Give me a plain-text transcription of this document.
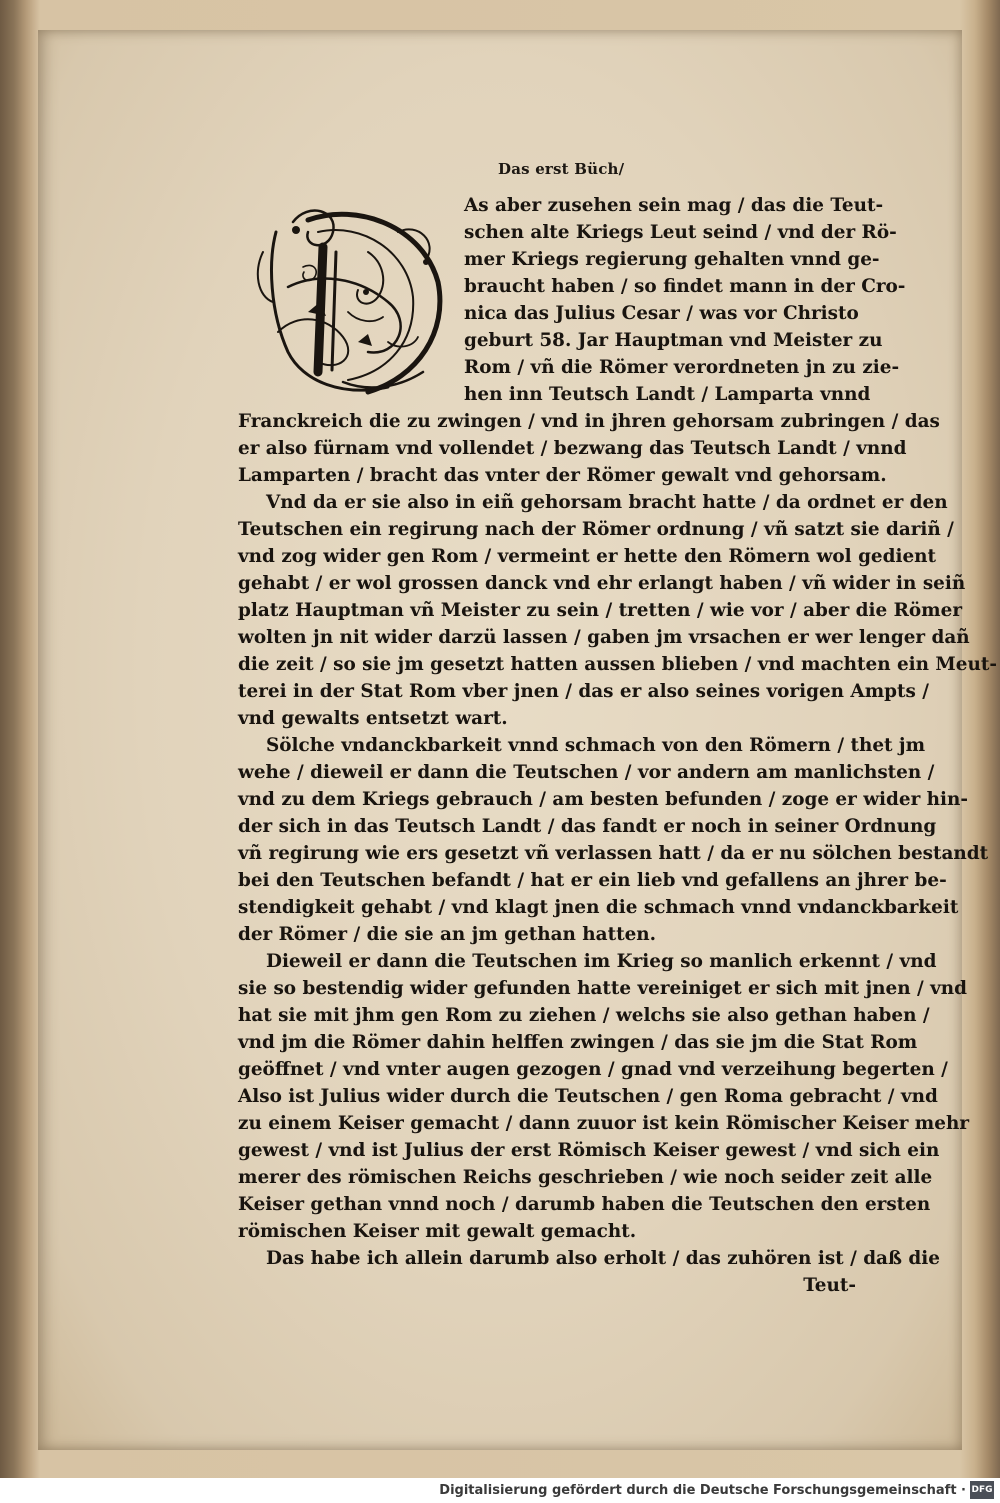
Das erst Büch/
As aber zusehen sein mag / das die Teut-
schen alte Kriegs Leut seind / vnd der Rö-
mer Kriegs regierung gehalten vnnd ge-
braucht haben / so findet mann in der Cro-
nica das Julius Cesar / was vor Christo
geburt 58. Jar Hauptman vnd Meister zu
Rom / vñ die Römer verordneten jn zu zie-
hen inn Teutsch Landt / Lamparta vnnd
Franckreich die zu zwingen / vnd in jhren gehorsam zubringen / das
er also fürnam vnd vollendet / bezwang das Teutsch Landt / vnnd
Lamparten / bracht das vnter der Römer gewalt vnd gehorsam.
Vnd da er sie also in eiñ gehorsam bracht hatte / da ordnet er den
Teutschen ein regirung nach der Römer ordnung / vñ satzt sie dariñ /
vnd zog wider gen Rom / vermeint er hette den Römern wol gedient
gehabt / er wol grossen danck vnd ehr erlangt haben / vñ wider in seiñ
platz Hauptman vñ Meister zu sein / tretten / wie vor / aber die Römer
wolten jn nit wider darzü lassen / gaben jm vrsachen er wer lenger dañ
die zeit / so sie jm gesetzt hatten aussen blieben / vnd machten ein Meut-
terei in der Stat Rom vber jnen / das er also seines vorigen Ampts /
vnd gewalts entsetzt wart.
Sölche vndanckbarkeit vnnd schmach von den Römern / thet jm
wehe / dieweil er dann die Teutschen / vor andern am manlichsten /
vnd zu dem Kriegs gebrauch / am besten befunden / zoge er wider hin-
der sich in das Teutsch Landt / das fandt er noch in seiner Ordnung
vñ regirung wie ers gesetzt vñ verlassen hatt / da er nu sölchen bestandt
bei den Teutschen befandt / hat er ein lieb vnd gefallens an jhrer be-
stendigkeit gehabt / vnd klagt jnen die schmach vnnd vndanckbarkeit
der Römer / die sie an jm gethan hatten.
Dieweil er dann die Teutschen im Krieg so manlich erkennt / vnd
sie so bestendig wider gefunden hatte vereiniget er sich mit jnen / vnd
hat sie mit jhm gen Rom zu ziehen / welchs sie also gethan haben /
vnd jm die Römer dahin helffen zwingen / das sie jm die Stat Rom
geöffnet / vnd vnter augen gezogen / gnad vnd verzeihung begerten /
Also ist Julius wider durch die Teutschen / gen Roma gebracht / vnd
zu einem Keiser gemacht / dann zuuor ist kein Römischer Keiser mehr
gewest / vnd ist Julius der erst Römisch Keiser gewest / vnd sich ein
merer des römischen Reichs geschrieben / wie noch seider zeit alle
Keiser gethan vnnd noch / darumb haben die Teutschen den ersten
römischen Keiser mit gewalt gemacht.
Das habe ich allein darumb also erholt / das zuhören ist / daß die
Teut-
Digitalisierung gefördert durch die Deutsche Forschungsgemeinschaft · DFG
